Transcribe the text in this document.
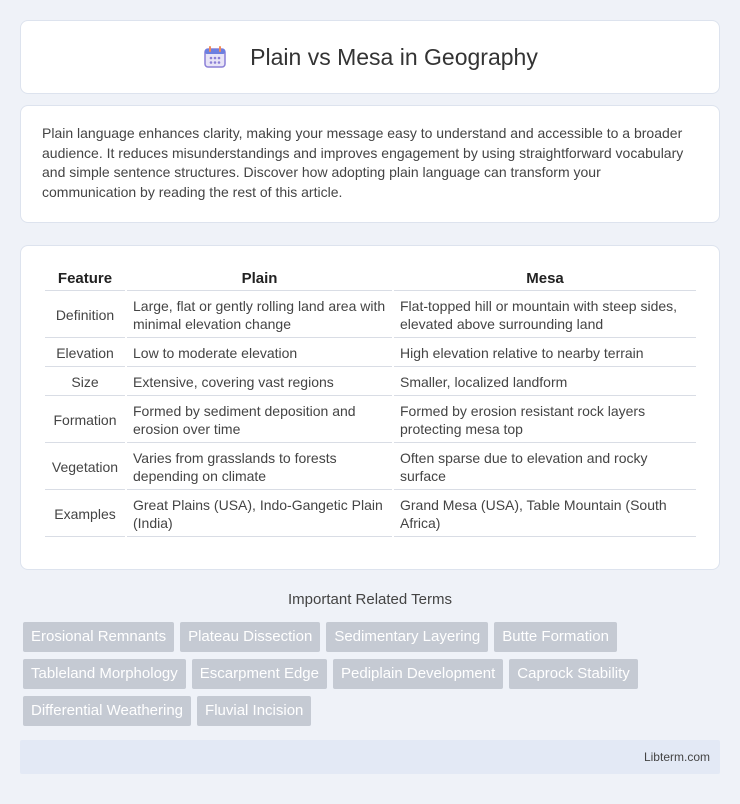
Plain vs Mesa in Geography

Plain language enhances clarity, making your message easy to understand and accessible to a broader audience. It reduces misunderstandings and improves engagement by using straightforward vocabulary and simple sentence structures. Discover how adopting plain language can transform your communication by reading the rest of this article.

Feature	Plain	Mesa
Definition	Large, flat or gently rolling land area with minimal elevation change	Flat-topped hill or mountain with steep sides, elevated above surrounding land
Elevation	Low to moderate elevation	High elevation relative to nearby terrain
Size	Extensive, covering vast regions	Smaller, localized landform
Formation	Formed by sediment deposition and erosion over time	Formed by erosion resistant rock layers protecting mesa top
Vegetation	Varies from grasslands to forests depending on climate	Often sparse due to elevation and rocky surface
Examples	Great Plains (USA), Indo-Gangetic Plain (India)	Grand Mesa (USA), Table Mountain (South Africa)
Important Related Terms
Erosional Remnants	Plateau Dissection	Sedimentary Layering	Butte Formation
Tableland Morphology	Escarpment Edge	Pediplain Development	Caprock Stability
Differential Weathering	Fluvial Incision
Libterm.com
